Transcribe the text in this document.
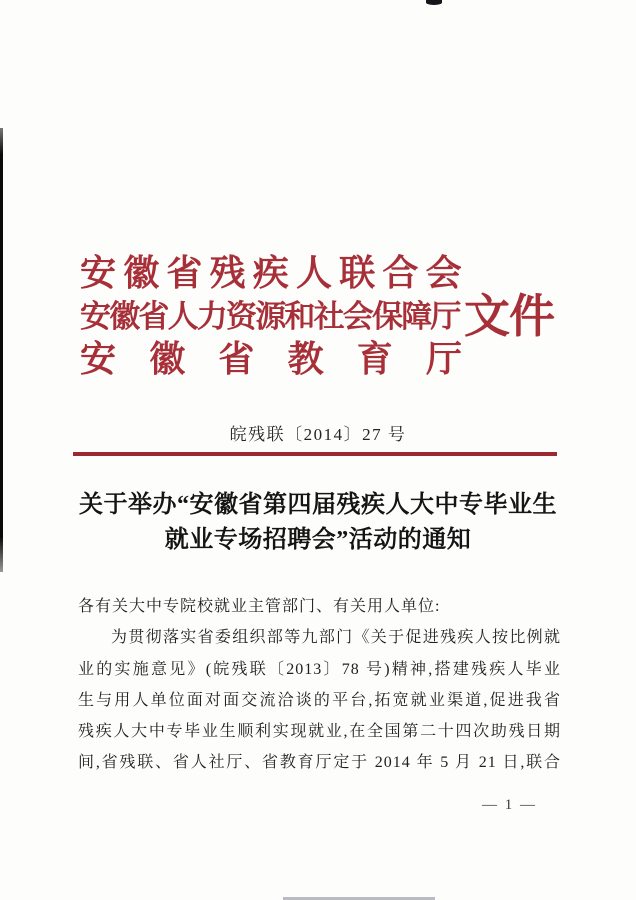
安徽省残疾人联合会
安徽省人力资源和社会保障厅
安徽省教育厅
文件
皖残联〔2014〕27 号
关于举办“安徽省第四届残疾人大中专毕业生
就业专场招聘会”活动的通知
各有关大中专院校就业主管部门、有关用人单位:
为贯彻落实省委组织部等九部门《关于促进残疾人按比例就
业的实施意见》(皖残联〔2013〕78 号)精神,搭建残疾人毕业
生与用人单位面对面交流洽谈的平台,拓宽就业渠道,促进我省
残疾人大中专毕业生顺利实现就业,在全国第二十四次助残日期
间,省残联、省人社厅、省教育厅定于 2014 年 5 月 21 日,联合
— 1 —
